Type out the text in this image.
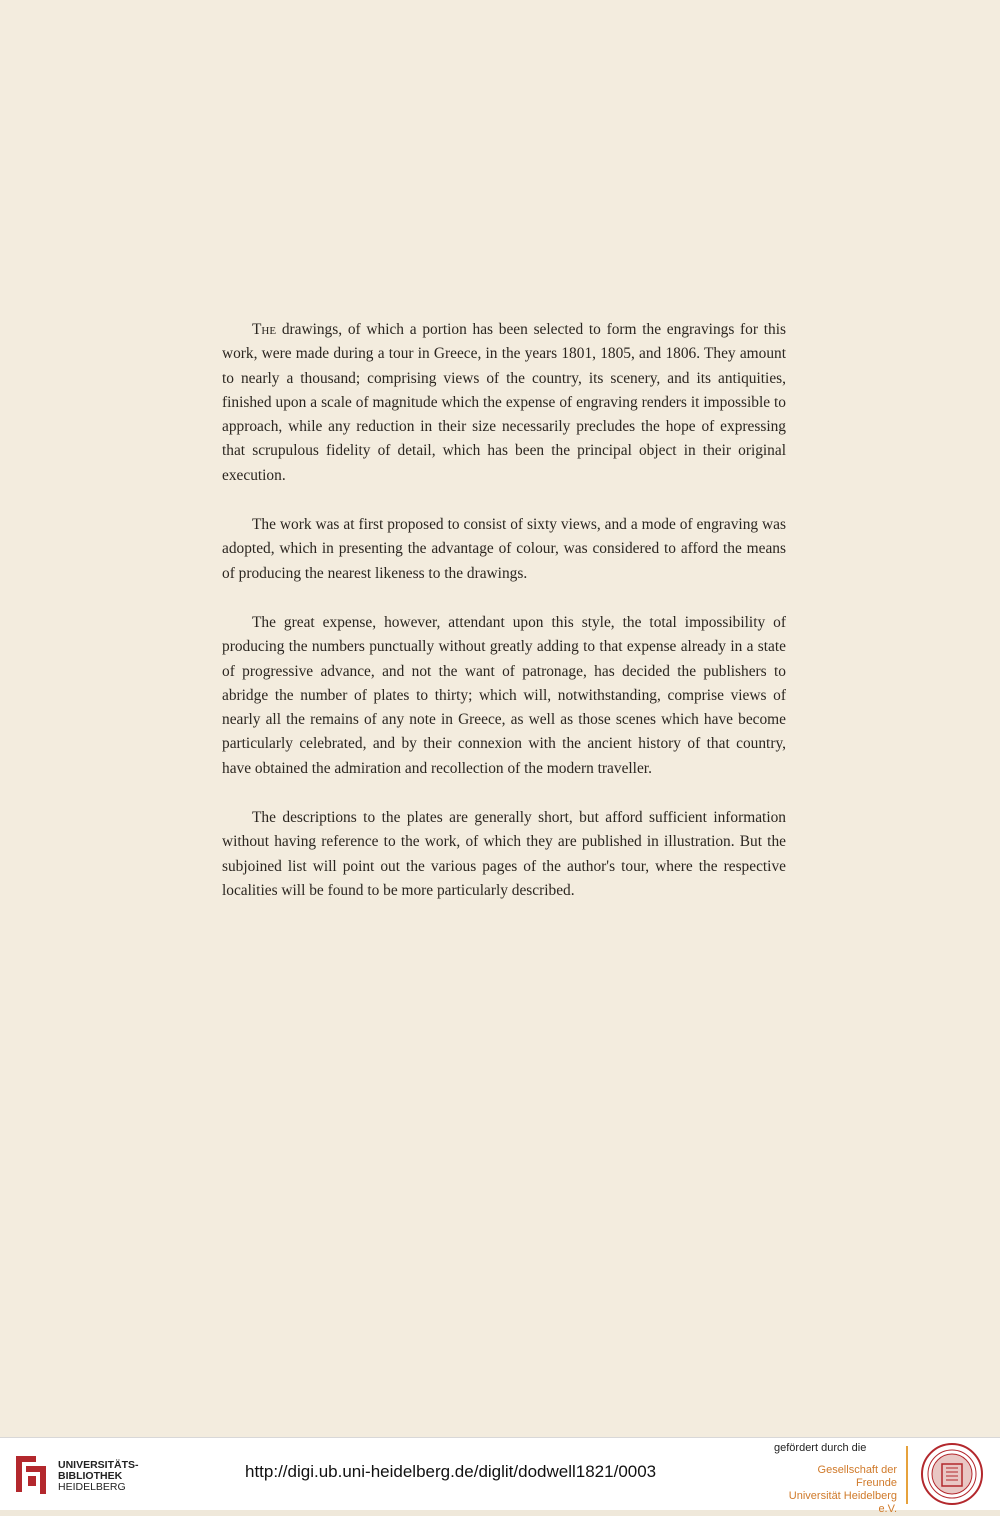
The drawings, of which a portion has been selected to form the engravings for this work, were made during a tour in Greece, in the years 1801, 1805, and 1806. They amount to nearly a thousand; comprising views of the country, its scenery, and its antiquities, finished upon a scale of magnitude which the expense of engraving renders it impossible to approach, while any reduction in their size necessarily precludes the hope of expressing that scrupulous fidelity of detail, which has been the principal object in their original execution.

The work was at first proposed to consist of sixty views, and a mode of engraving was adopted, which in presenting the advantage of colour, was considered to afford the means of producing the nearest likeness to the drawings.

The great expense, however, attendant upon this style, the total impossibility of producing the numbers punctually without greatly adding to that expense already in a state of progressive advance, and not the want of patronage, has decided the publishers to abridge the number of plates to thirty; which will, notwithstanding, comprise views of nearly all the remains of any note in Greece, as well as those scenes which have become particularly celebrated, and by their connexion with the ancient history of that country, have obtained the admiration and recollection of the modern traveller.

The descriptions to the plates are generally short, but afford sufficient information without having reference to the work, of which they are published in illustration. But the subjoined list will point out the various pages of the author's tour, where the respective localities will be found to be more particularly described.

UNIVERSITÄTS-
BIBLIOTHEK
HEIDELBERG
http://digi.ub.uni-heidelberg.de/diglit/dodwell1821/0003
gefördert durch die
Gesellschaft der Freunde
Universität Heidelberg e.V.
